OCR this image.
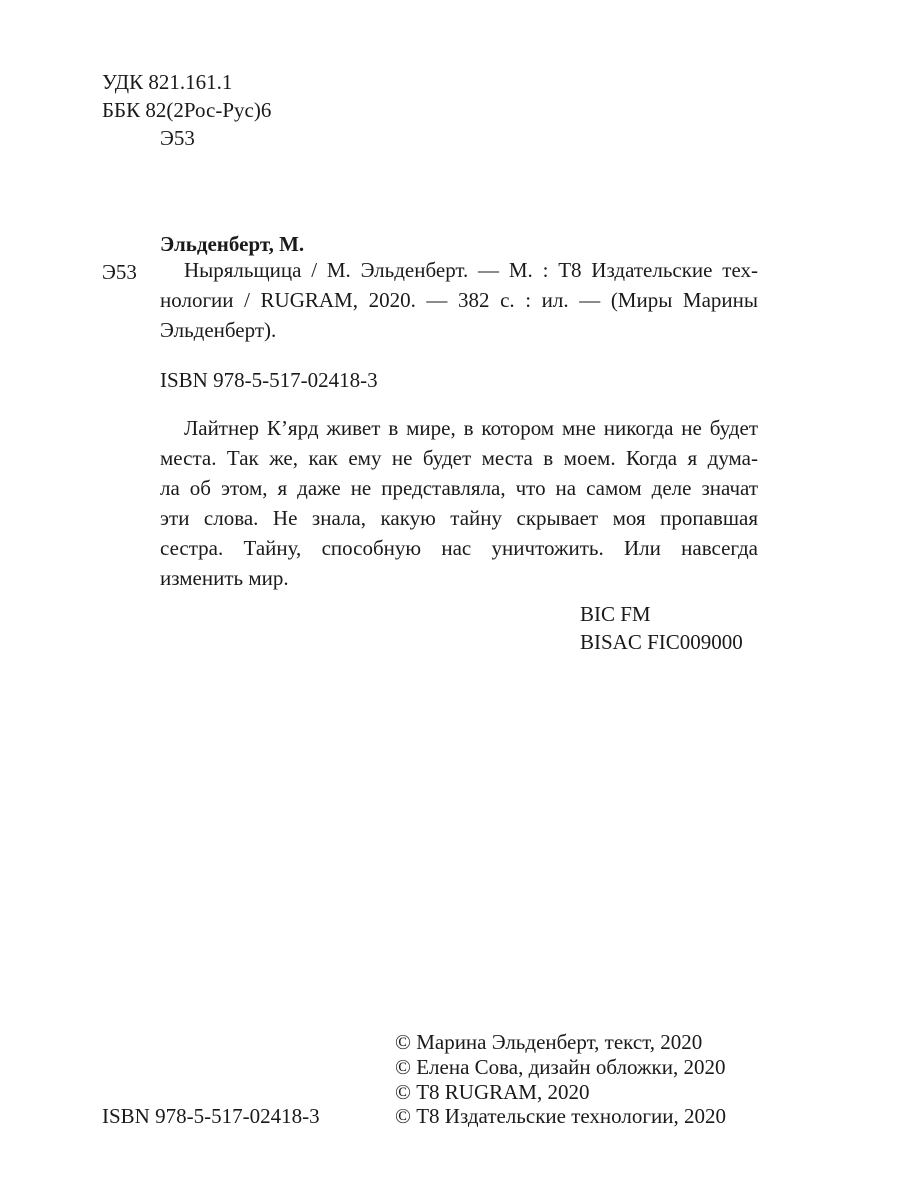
УДК 821.161.1
ББК 82(2Рос-Рус)6
Э53
Эльденберт, М.
Э53	Ныряльщица / М. Эльденберт. — М. : Т8 Издательские тех-
нологии / RUGRAM, 2020. — 382 с. : ил. — (Миры Марины
Эльденберт).
ISBN 978-5-517-02418-3
Лайтнер К’ярд живет в мире, в котором мне никогда не будет
места. Так же, как ему не будет места в моем. Когда я дума-
ла об этом, я даже не представляла, что на самом деле значат
эти слова. Не знала, какую тайну скрывает моя пропавшая
сестра. Тайну, способную нас уничтожить. Или навсегда
изменить мир.
BIC FM
BISAC FIC009000
© Марина Эльденберт, текст, 2020
© Елена Сова, дизайн обложки, 2020
© Т8 RUGRAM, 2020
© Т8 Издательские технологии, 2020
ISBN 978-5-517-02418-3
